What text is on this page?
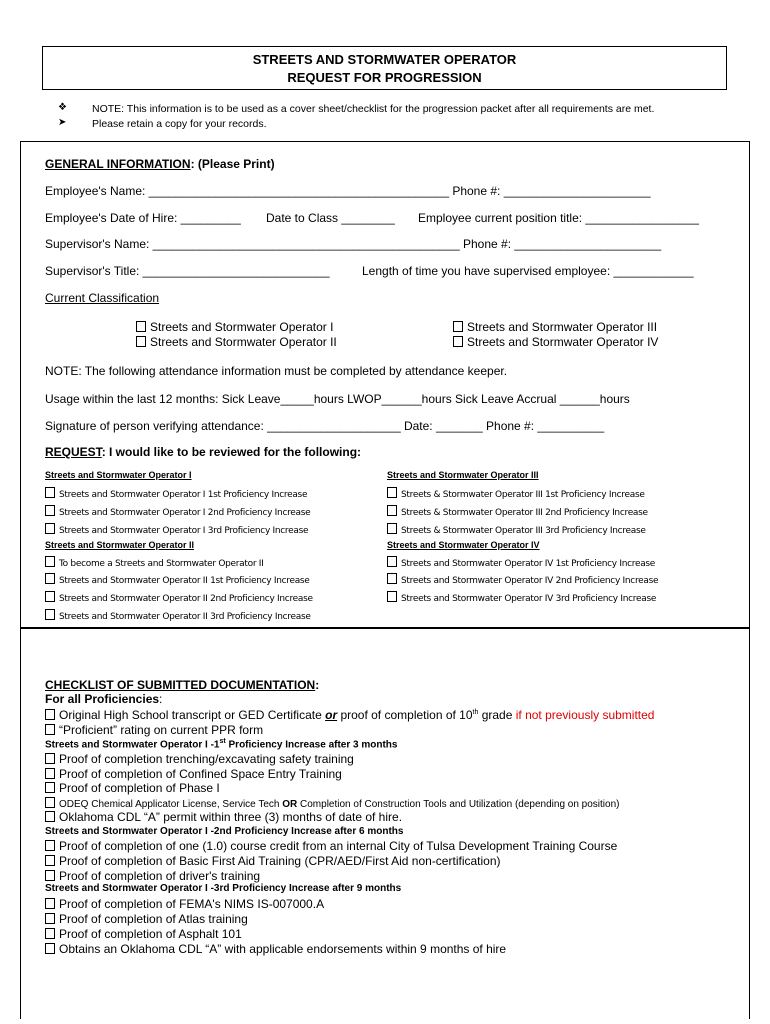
STREETS AND STORMWATER OPERATOR
REQUEST FOR PROGRESSION
❖ NOTE: This information is to be used as a cover sheet/checklist for the progression packet after all requirements are met.
➤ Please retain a copy for your records.
GENERAL INFORMATION: (Please Print)
Employee's Name: _____________________________________________ Phone #: ______________________
Employee's Date of Hire: _________ Date to Class ________ Employee current position title: _________________
Supervisor's Name: ______________________________________________ Phone #: ______________________
Supervisor's Title: ____________________________	Length of time you have supervised employee: ____________
Current Classification
Streets and Stormwater Operator I
Streets and Stormwater Operator II
Streets and Stormwater Operator III
Streets and Stormwater Operator IV
NOTE: The following attendance information must be completed by attendance keeper.
Usage within the last 12 months: Sick Leave_____hours LWOP______hours Sick Leave Accrual ______hours
Signature of person verifying attendance: ____________________ Date: _______ Phone #: __________
REQUEST: I would like to be reviewed for the following:
Streets and Stormwater Operator I
Streets and Stormwater Operator I 1st Proficiency Increase
Streets and Stormwater Operator I 2nd Proficiency Increase
Streets and Stormwater Operator I 3rd Proficiency Increase
Streets and Stormwater Operator II
To become a Streets and Stormwater Operator II
Streets and Stormwater Operator II 1st Proficiency Increase
Streets and Stormwater Operator II 2nd Proficiency Increase
Streets and Stormwater Operator II 3rd Proficiency Increase
Streets and Stormwater Operator III
Streets & Stormwater Operator III 1st Proficiency Increase
Streets & Stormwater Operator III 2nd Proficiency Increase
Streets & Stormwater Operator III 3rd Proficiency Increase
Streets and Stormwater Operator IV
Streets and Stormwater Operator IV 1st Proficiency Increase
Streets and Stormwater Operator IV 2nd Proficiency Increase
Streets and Stormwater Operator IV 3rd Proficiency Increase
CHECKLIST OF SUBMITTED DOCUMENTATION:
For all Proficiencies:
Original High School transcript or GED Certificate or proof of completion of 10th grade if not previously submitted
“Proficient” rating on current PPR form
Streets and Stormwater Operator I -1st Proficiency Increase after 3 months
Proof of completion trenching/excavating safety training
Proof of completion of Confined Space Entry Training
Proof of completion of Phase I
ODEQ Chemical Applicator License, Service Tech OR Completion of Construction Tools and Utilization (depending on position)
Oklahoma CDL “A” permit within three (3) months of date of hire.
Streets and Stormwater Operator I -2nd Proficiency Increase after 6 months
Proof of completion of one (1.0) course credit from an internal City of Tulsa Development Training Course
Proof of completion of Basic First Aid Training (CPR/AED/First Aid non-certification)
Proof of completion of driver's training
Streets and Stormwater Operator I -3rd Proficiency Increase after 9 months
Proof of completion of FEMA's NIMS IS-007000.A
Proof of completion of Atlas training
Proof of completion of Asphalt 101
Obtains an Oklahoma CDL “A” with applicable endorsements within 9 months of hire
